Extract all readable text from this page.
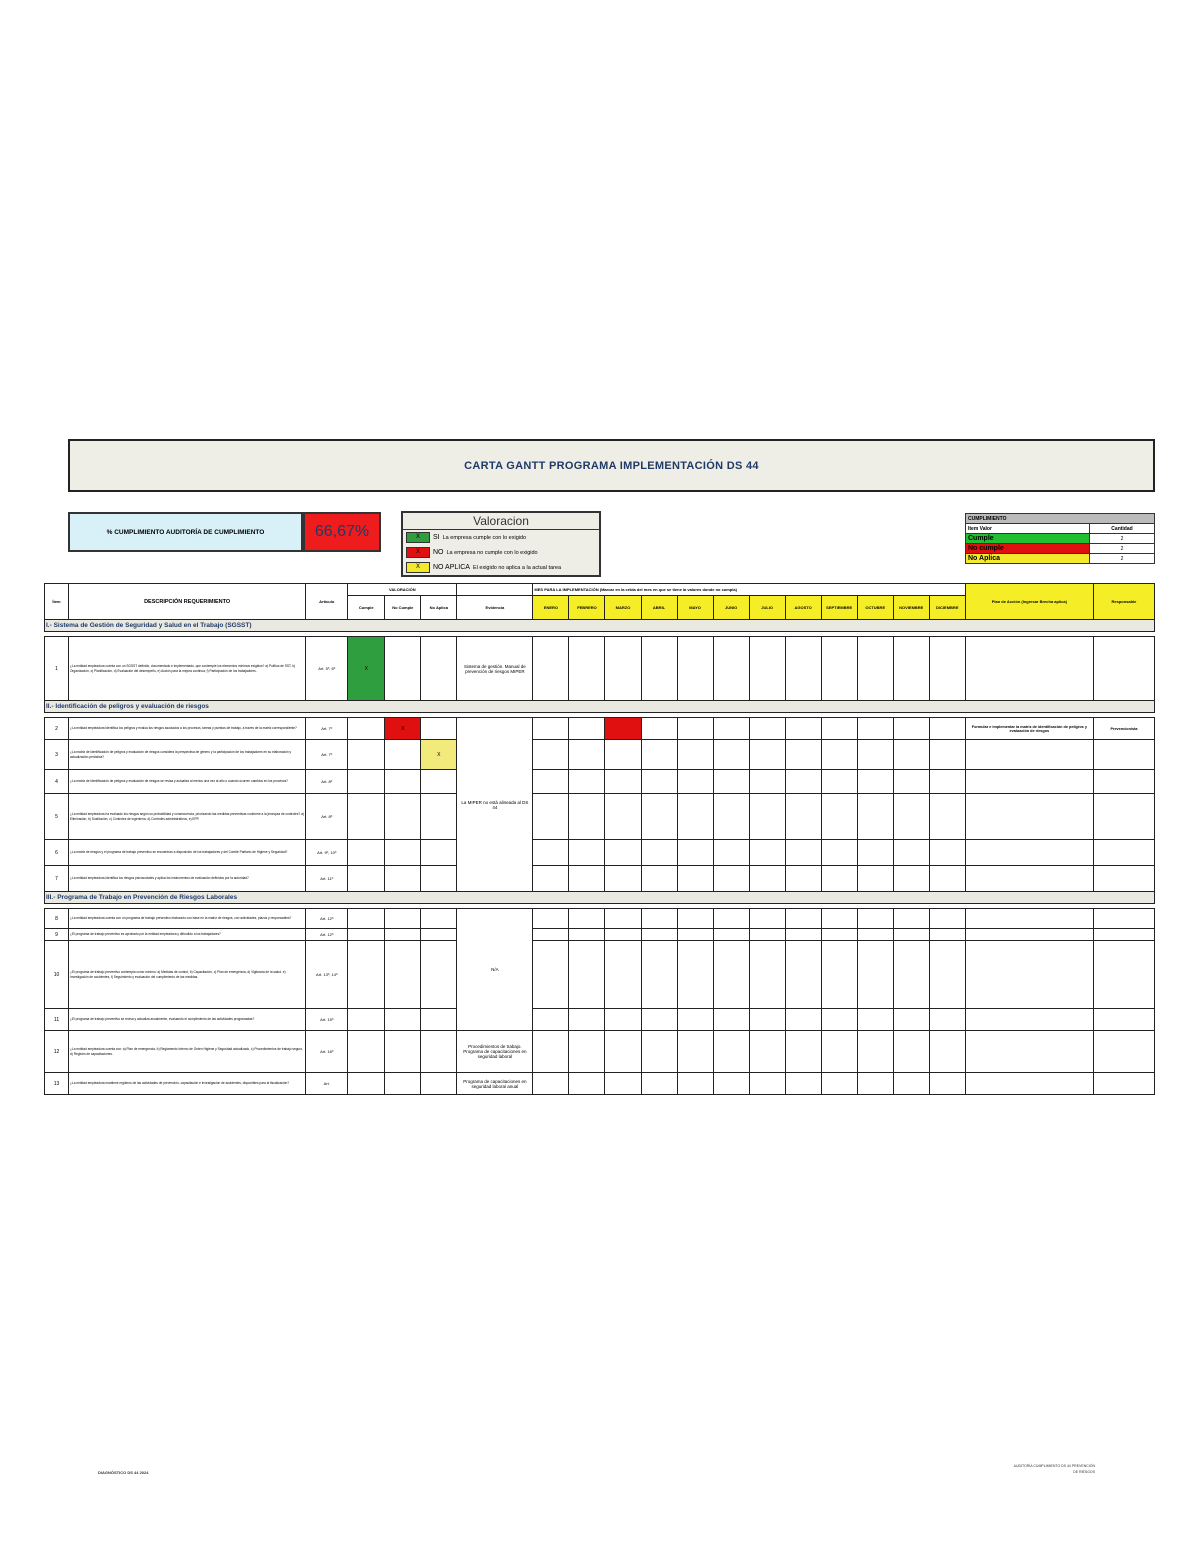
CARTA GANTT PROGRAMA IMPLEMENTACIÓN DS 44
% CUMPLIMIENTO AUDITORÍA DE CUMPLIMIENTO	66,67%
Valoracion
X	SI La empresa cumple con lo exigido
X	NO La empresa no cumple con lo exigido
X	NO APLICA El exigido no aplica a la actual tarea
CUMPLIMIENTO	
Item Valor	Cantidad
Cumple	2
No cumple	2
No Aplica	2
Ítem	DESCRIPCIÓN REQUERIMIENTO	Artículo	VALORACIÓN				MES PARA LA IMPLEMENTACIÓN (Marcar en la celda del mes en que se tiene la valores donde no cumpla)												Plan de Acción (Ingresar Brecha aplica)	Responsable
			Cumple	No Cumple	No Aplica	Evidencia	ENERO	FEBRERO	MARZO	ABRIL	MAYO	JUNIO	JULIO	AGOSTO	SEPTIEMBRE	OCTUBRE	NOVIEMBRE	DICIEMBRE		
I.- Sistema de Gestión de Seguridad y Salud en el Trabajo (SGSST)																				

1	¿La entidad empleadora cuenta con un SGSST definido, documentado e implementado, que contemple los elementos mínimos exigidos? a) Política de SST, b) Organización, c) Planificación, d) Evaluación del desempeño, e) Acción para la mejora continua, f) Participación de los trabajadores.	Art. 5º, 6º	X			Sistema de gestión. Manual de prevención de riesgos MIPER														
II.- Identificación de peligros y evaluación de riesgos																				

2	¿La entidad empleadora identifica los peligros y evalúa los riesgos asociados a los procesos, tareas y puestos de trabajo, a través de la matriz correspondiente?	Art. 7º		X		La MIPER no está alineada al DS 44													Formular e implementar la matriz de identificación de peligros y evaluación de riesgos	Prevencionista
3	¿La matriz de identificación de peligros y evaluación de riesgos considera la perspectiva de género y la participación de los trabajadores en su elaboración y actualización periódica?	Art. 7º			X															
4	¿La matriz de identificación de peligros y evaluación de riesgos se revisa y actualiza al menos una vez al año o cuando ocurren cambios en los procesos?	Art. 8º																		
5	¿La entidad empleadora ha evaluado los riesgos según su probabilidad y consecuencia, priorizando las medidas preventivas conforme a la jerarquía de controles? a) Eliminación, b) Sustitución, c) Controles de ingeniería, d) Controles administrativos, e) EPP.	Art. 8º																		
6	¿La matriz de riesgos y el programa de trabajo preventivo se encuentran a disposición de los trabajadores y del Comité Paritario de Higiene y Seguridad?	Art. 9º, 10º																		
7	¿La entidad empleadora identifica los riesgos psicosociales y aplica los instrumentos de evaluación definidos por la autoridad?	Art. 11º																		
III.- Programa de Trabajo en Prevención de Riesgos Laborales																				

8	¿La entidad empleadora cuenta con un programa de trabajo preventivo elaborado con base en la matriz de riesgos, con actividades, plazos y responsables?	Art. 12º				N/A														
9	¿El programa de trabajo preventivo es aprobado por la entidad empleadora y difundido a los trabajadores?	Art. 12º																		
10	¿El programa de trabajo preventivo contempla como mínimo: a) Medidas de control, b) Capacitación, c) Plan de emergencia, d) Vigilancia de la salud, e) Investigación de accidentes, f) Seguimiento y evaluación del cumplimiento de las medidas.	Art. 13º, 14º																		
11	¿El programa de trabajo preventivo se revisa y actualiza anualmente, evaluando el cumplimiento de las actividades programadas?	Art. 15º																		
12	¿La entidad empleadora cuenta con: a) Plan de emergencia, b) Reglamento Interno de Orden Higiene y Seguridad actualizado, c) Procedimientos de trabajo seguro, d) Registro de capacitaciones.	Art. 16º				Procedimientos de trabajo. Programa de capacitaciones en seguridad laboral														
13	¿La entidad empleadora mantiene registros de las actividades de prevención, capacitación e investigación de accidentes, disponibles para la fiscalización?	Art.				Programa de capacitaciones en seguridad laboral anual														
DIAGNÓSTICO DS 44 2024
AUDITORÍA CUMPLIMIENTO DS 44 PREVENCIÓN DE RIESGOS
